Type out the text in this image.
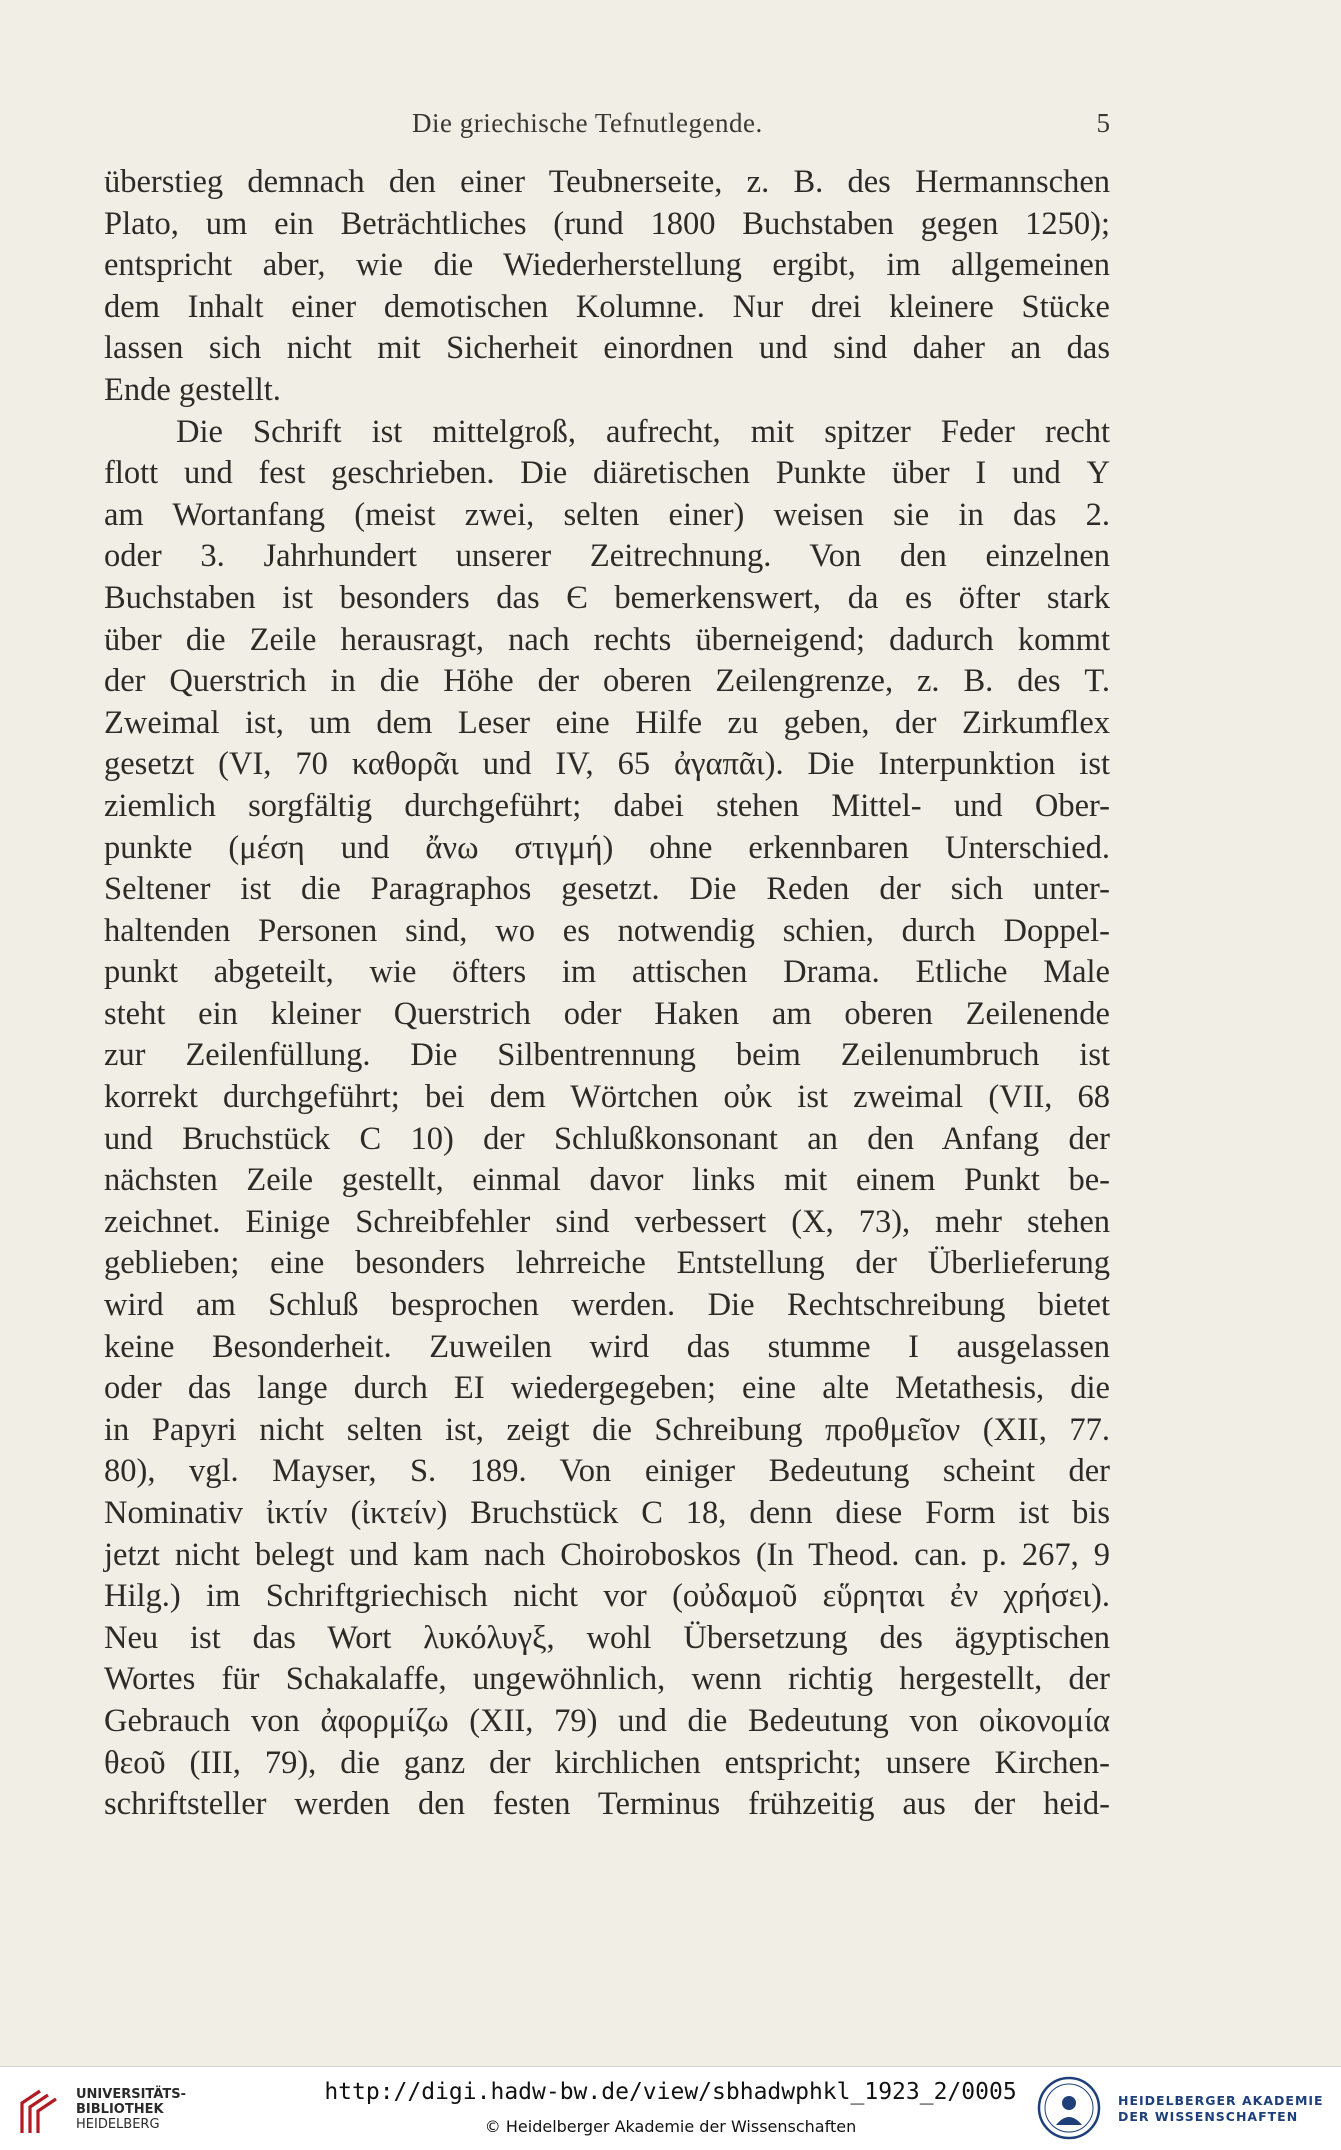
Die griechische Tefnutlegende.	5
überstieg demnach den einer Teubnerseite, z. B. des Hermannschen
Plato, um ein Beträchtliches (rund 1800 Buchstaben gegen 1250);
entspricht aber, wie die Wiederherstellung ergibt, im allgemeinen
dem Inhalt einer demotischen Kolumne. Nur drei kleinere Stücke
lassen sich nicht mit Sicherheit einordnen und sind daher an das
Ende gestellt.
Die Schrift ist mittelgroß, aufrecht, mit spitzer Feder recht
flott und fest geschrieben. Die diäretischen Punkte über Ι und Υ
am Wortanfang (meist zwei, selten einer) weisen sie in das 2.
oder 3. Jahrhundert unserer Zeitrechnung. Von den einzelnen
Buchstaben ist besonders das Є bemerkenswert, da es öfter stark
über die Zeile herausragt, nach rechts überneigend; dadurch kommt
der Querstrich in die Höhe der oberen Zeilengrenze, z. B. des Τ.
Zweimal ist, um dem Leser eine Hilfe zu geben, der Zirkumflex
gesetzt (VI, 70 καθορᾶι und IV, 65 ἀγαπᾶι). Die Interpunktion ist
ziemlich sorgfältig durchgeführt; dabei stehen Mittel- und Ober-
punkte (μέση und ἄνω στιγμή) ohne erkennbaren Unterschied.
Seltener ist die Paragraphos gesetzt. Die Reden der sich unter-
haltenden Personen sind, wo es notwendig schien, durch Doppel-
punkt abgeteilt, wie öfters im attischen Drama. Etliche Male
steht ein kleiner Querstrich oder Haken am oberen Zeilenende
zur Zeilenfüllung. Die Silbentrennung beim Zeilenumbruch ist
korrekt durchgeführt; bei dem Wörtchen οὐκ ist zweimal (VII, 68
und Bruchstück C 10) der Schlußkonsonant an den Anfang der
nächsten Zeile gestellt, einmal davor links mit einem Punkt be-
zeichnet. Einige Schreibfehler sind verbessert (X, 73), mehr stehen
geblieben; eine besonders lehrreiche Entstellung der Überlieferung
wird am Schluß besprochen werden. Die Rechtschreibung bietet
keine Besonderheit. Zuweilen wird das stumme Ι ausgelassen
oder das lange durch ΕΙ wiedergegeben; eine alte Metathesis, die
in Papyri nicht selten ist, zeigt die Schreibung προθμεῖον (XII, 77.
80), vgl. Mayser, S. 189. Von einiger Bedeutung scheint der
Nominativ ἰκτίν (ἰκτείν) Bruchstück C 18, denn diese Form ist bis
jetzt nicht belegt und kam nach Choiroboskos (In Theod. can. p. 267, 9
Hilg.) im Schriftgriechisch nicht vor (οὐδαμοῦ εὕρηται ἐν χρήσει).
Neu ist das Wort λυκόλυγξ, wohl Übersetzung des ägyptischen
Wortes für Schakalaffe, ungewöhnlich, wenn richtig hergestellt, der
Gebrauch von ἀφορμίζω (XII, 79) und die Bedeutung von οἰκονομία
θεοῦ (III, 79), die ganz der kirchlichen entspricht; unsere Kirchen-
schriftsteller werden den festen Terminus frühzeitig aus der heid-
UNIVERSITÄTS-
BIBLIOTHEK
HEIDELBERG
http://digi.hadw-bw.de/view/sbhadwphkl_1923_2/0005
© Heidelberger Akademie der Wissenschaften
HEIDELBERGER AKADEMIE
DER WISSENSCHAFTEN
